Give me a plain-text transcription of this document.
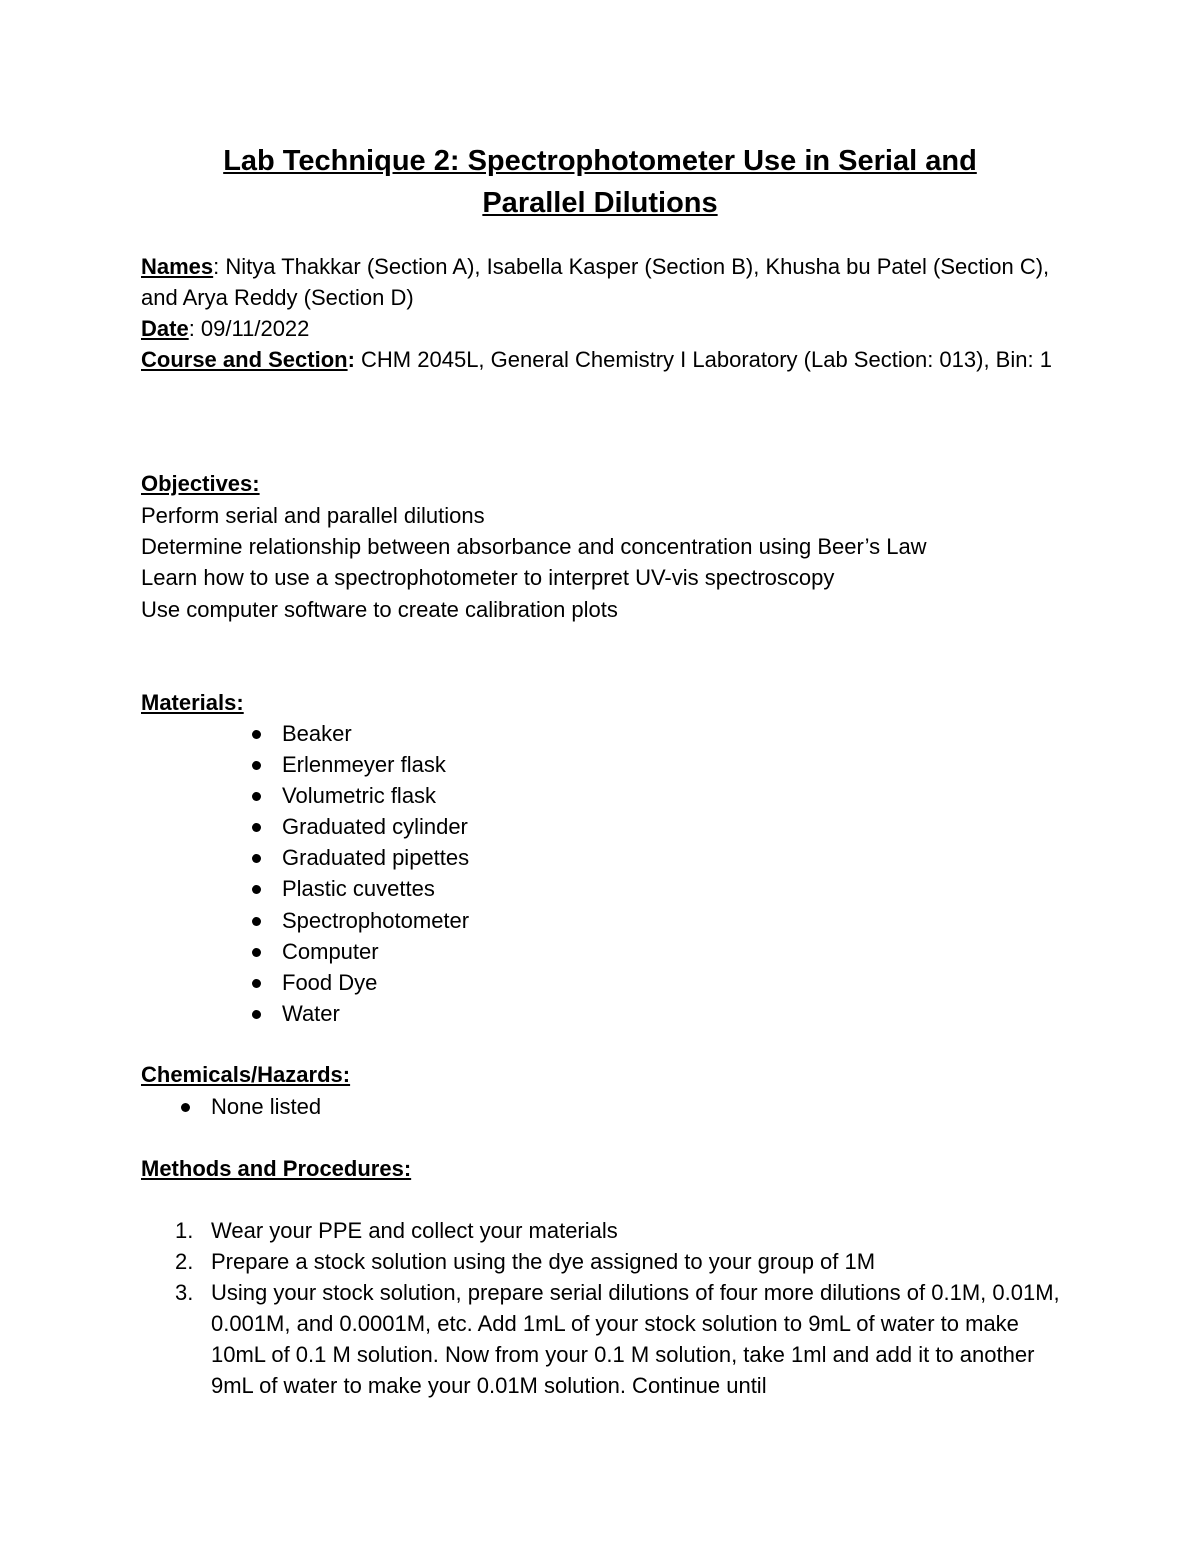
Lab Technique 2: Spectrophotometer Use in Serial and
Parallel Dilutions

Names: Nitya Thakkar (Section A), Isabella Kasper (Section B), Khusha bu Patel (Section C), and Arya Reddy (Section D)
Date: 09/11/2022
Course and Section: CHM 2045L, General Chemistry I Laboratory (Lab Section: 013), Bin: 1

Objectives:

Perform serial and parallel dilutions
Determine relationship between absorbance and concentration using Beer’s Law
Learn how to use a spectrophotometer to interpret UV-vis spectroscopy
Use computer software to create calibration plots

Materials:

Beaker
Erlenmeyer flask
Volumetric flask
Graduated cylinder
Graduated pipettes
Plastic cuvettes
Spectrophotometer
Computer
Food Dye
Water

Chemicals/Hazards:

None listed

Methods and Procedures:

1. Wear your PPE and collect your materials
2. Prepare a stock solution using the dye assigned to your group of 1M
3. Using your stock solution, prepare serial dilutions of four more dilutions of 0.1M, 0.01M, 0.001M, and 0.0001M, etc. Add 1mL of your stock solution to 9mL of water to make 10mL of 0.1 M solution. Now from your 0.1 M solution, take 1ml and add it to another 9mL of water to make your 0.01M solution. Continue until
